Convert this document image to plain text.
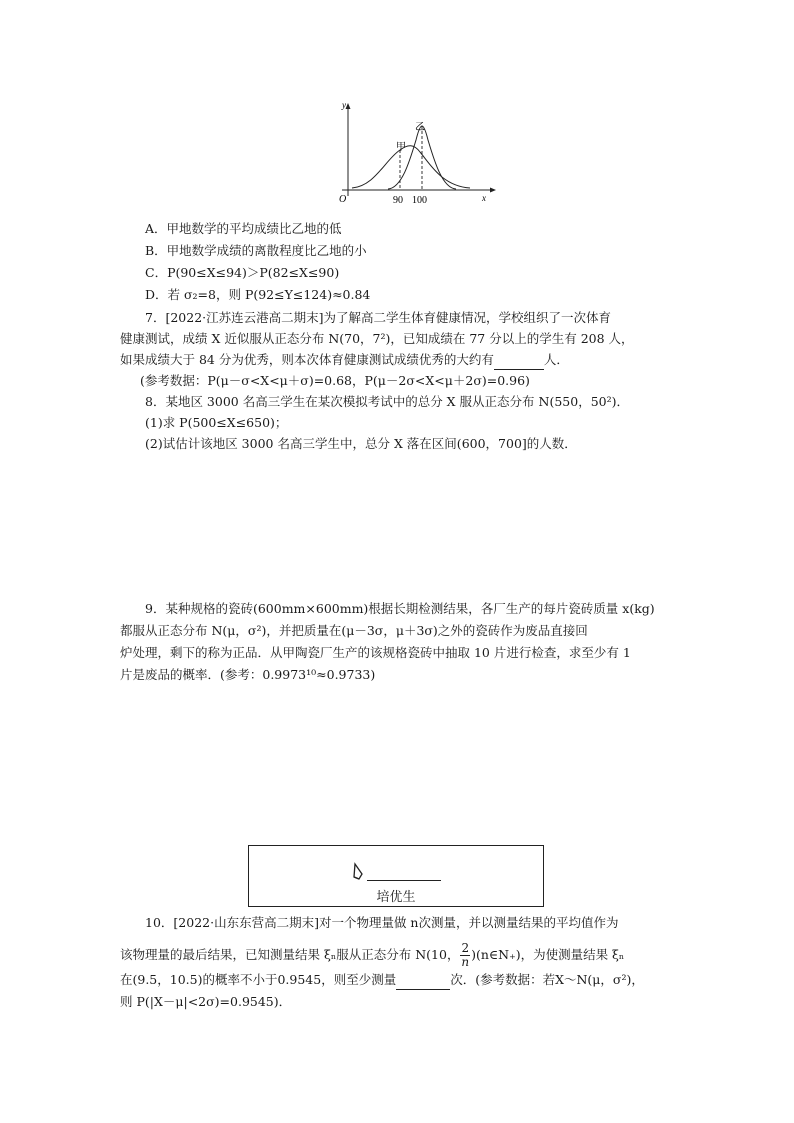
y
x
O
甲
乙
90 100
A．甲地数学的平均成绩比乙地的低
B．甲地数学成绩的离散程度比乙地的小
C．P(90≤X≤94)＞P(82≤X≤90)
D．若 σ₂=8，则 P(92≤Y≤124)≈0.84
7．[2022·江苏连云港高二期末]为了解高二学生体育健康情况，学校组织了一次体育
健康测试，成绩 X 近似服从正态分布 N(70，7²)，已知成绩在 77 分以上的学生有 208 人，
如果成绩大于 84 分为优秀，则本次体育健康测试成绩优秀的大约有	人．
(参考数据：P(μ－σ<X<μ＋σ)=0.68，P(μ－2σ<X<μ＋2σ)=0.96)
8．某地区 3000 名高三学生在某次模拟考试中的总分 X 服从正态分布 N(550，50²)．
(1)求 P(500≤X≤650)；
(2)试估计该地区 3000 名高三学生中，总分 X 落在区间(600，700]的人数．
9．某种规格的瓷砖(600mm×600mm)根据长期检测结果，各厂生产的每片瓷砖质量 x(kg)
都服从正态分布 N(μ，σ²)，并把质量在(μ－3σ，μ＋3σ)之外的瓷砖作为废品直接回
炉处理，剩下的称为正品．从甲陶瓷厂生产的该规格瓷砖中抽取 10 片进行检查，求至少有 1
片是废品的概率．(参考：0.9973¹⁰≈0.9733)
培优生
10．[2022·山东东营高二期末]对一个物理量做 n次测量，并以测量结果的平均值作为
该物理量的最后结果，已知测量结果 ξₙ服从正态分布 N(10， $\frac{2}{n}$ )(n∈N₊)，为使测量结果 ξₙ
在(9.5，10.5)的概率不小于0.9545，则至少测量	次．(参考数据：若X～N(μ，σ²)，
则 P(|X－μ|<2σ)=0.9545)．
